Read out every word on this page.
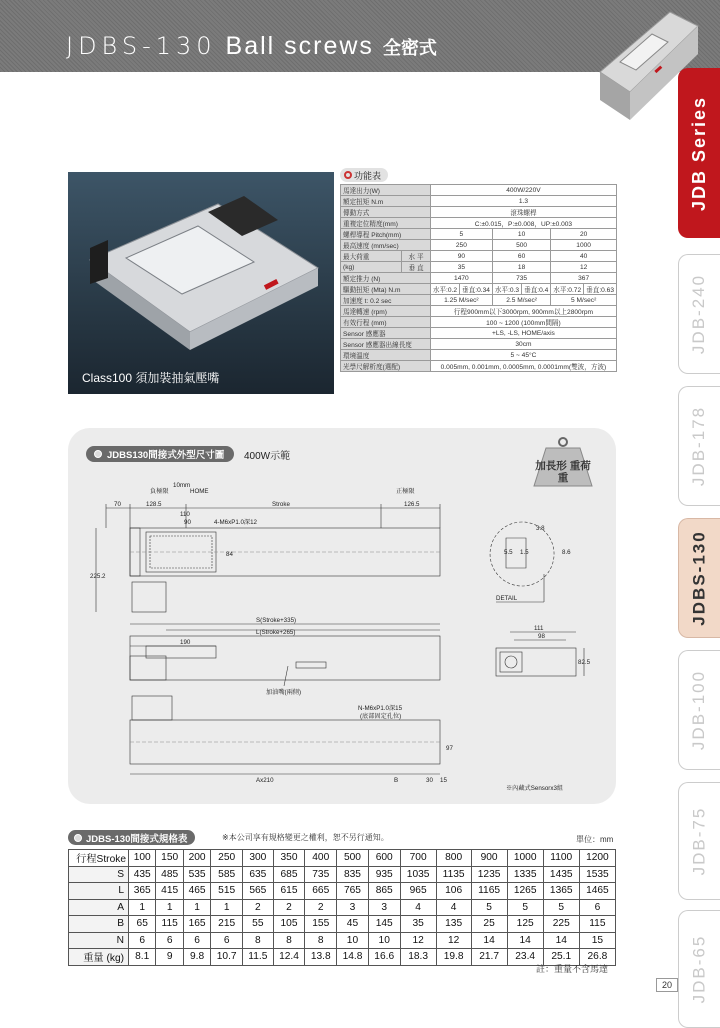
JDBS-130 Ball screws 全密式
JDB Series
JDB-240
JDB-178
JDBS-130
JDB-100
JDB-75
JDB-65
Class100 須加裝抽氣壓嘴
功能表
馬達出力(W)		400W/220V					
額定扭矩 N.m		1.3					
傳動方式		滾珠螺桿					
重複定位精度(mm)		C:±0.015，P:±0.008，UP:±0.003					
螺桿導程 Pitch(mm)		5		10		20	
最高速度 (mm/sec)		250		500		1000	
最大荷重	水 平	90		60		40	
(kg)	垂 直	35		18		12	
額定推力 (N)		1470		735		367	
驅動扭矩 (Mta) N.m		水平:0.2	垂直:0.34	水平:0.3	垂直:0.4	水平:0.72	垂直:0.63
加速度 t: 0.2 sec		1.25 M/sec²		2.5 M/sec²		5 M/sec²	
馬達轉速 (rpm)		行程900mm以下3000rpm, 900mm以上2800rpm					
有效行程 (mm)		100 ~ 1200 (100mm間隔)					
Sensor 感應器		+LS, -LS, HOME/axis					
Sensor 感應器出線長度		30cm					
環境溫度		5 ~ 45°C					
光學尺解析度(選配)		0.005mm, 0.001mm, 0.0005mm, 0.0001mm(雙波，方波)					
JDBS130間接式外型尺寸圖 400W示範
加長形 重荷重
10mm
負極限	HOME	正極限
70	128.5	Stroke	126.5
110
90	4-M6xP1.0深12
84
225.2
S(Stroke+335)
L(Stroke+265)
190
加油嘴(兩側)
N-M6xP1.0深15
(底部固定孔位)
97
Ax210	B	30 15
※內藏式Sensorx3組
3.8
5.5 1.5	8.6
DETAIL
111
98
82.5
JDBS-130間接式規格表	※本公司享有規格變更之權利，恕不另行通知。	單位：mm
行程Stroke	100	150	200	250	300	350	400	500	600	700	800	900	1000	1100	1200
S	435	485	535	585	635	685	735	835	935	1035	1135	1235	1335	1435	1535
L	365	415	465	515	565	615	665	765	865	965	106	1165	1265	1365	1465
A	1	1	1	1	2	2	2	3	3	4	4	5	5	5	6
B	65	115	165	215	55	105	155	45	145	35	135	25	125	225	115
N	6	6	6	6	8	8	8	10	10	12	12	14	14	14	15
重量 (kg)	8.1	9	9.8	10.7	11.5	12.4	13.8	14.8	16.6	18.3	19.8	21.7	23.4	25.1	26.8
註：重量不含馬達
20
